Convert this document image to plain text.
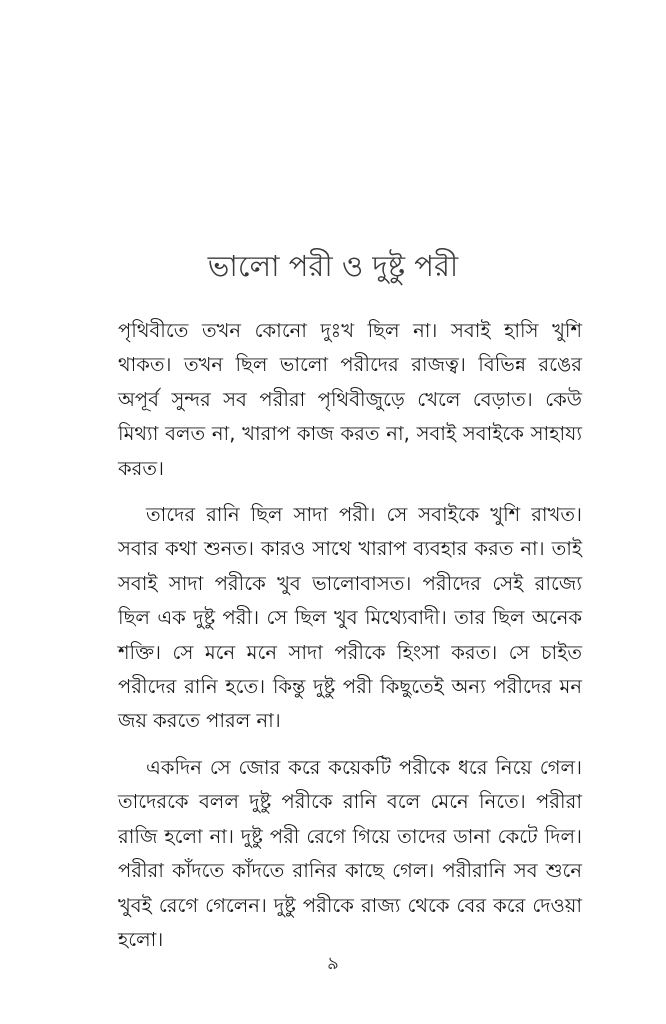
ভালো পরী ও দুষ্টু পরী

পৃথিবীতে তখন কোনো দুঃখ ছিল না। সবাই হাসি খুশি থাকত। তখন ছিল ভালো পরীদের রাজত্ব। বিভিন্ন রঙের অপূর্ব সুন্দর সব পরীরা পৃথিবীজুড়ে খেলে বেড়াত। কেউ মিথ্যা বলত না, খারাপ কাজ করত না, সবাই সবাইকে সাহায্য করত।

তাদের রানি ছিল সাদা পরী। সে সবাইকে খুশি রাখত। সবার কথা শুনত। কারও সাথে খারাপ ব্যবহার করত না। তাই সবাই সাদা পরীকে খুব ভালোবাসত। পরীদের সেই রাজ্যে ছিল এক দুষ্টু পরী। সে ছিল খুব মিথ্যেবাদী। তার ছিল অনেক শক্তি। সে মনে মনে সাদা পরীকে হিংসা করত। সে চাইত পরীদের রানি হতে। কিন্তু দুষ্টু পরী কিছুতেই অন্য পরীদের মন জয় করতে পারল না।

একদিন সে জোর করে কয়েকটি পরীকে ধরে নিয়ে গেল। তাদেরকে বলল দুষ্টু পরীকে রানি বলে মেনে নিতে। পরীরা রাজি হলো না। দুষ্টু পরী রেগে গিয়ে তাদের ডানা কেটে দিল। পরীরা কাঁদতে কাঁদতে রানির কাছে গেল। পরীরানি সব শুনে খুবই রেগে গেলেন। দুষ্টু পরীকে রাজ্য থেকে বের করে দেওয়া হলো।

৯
